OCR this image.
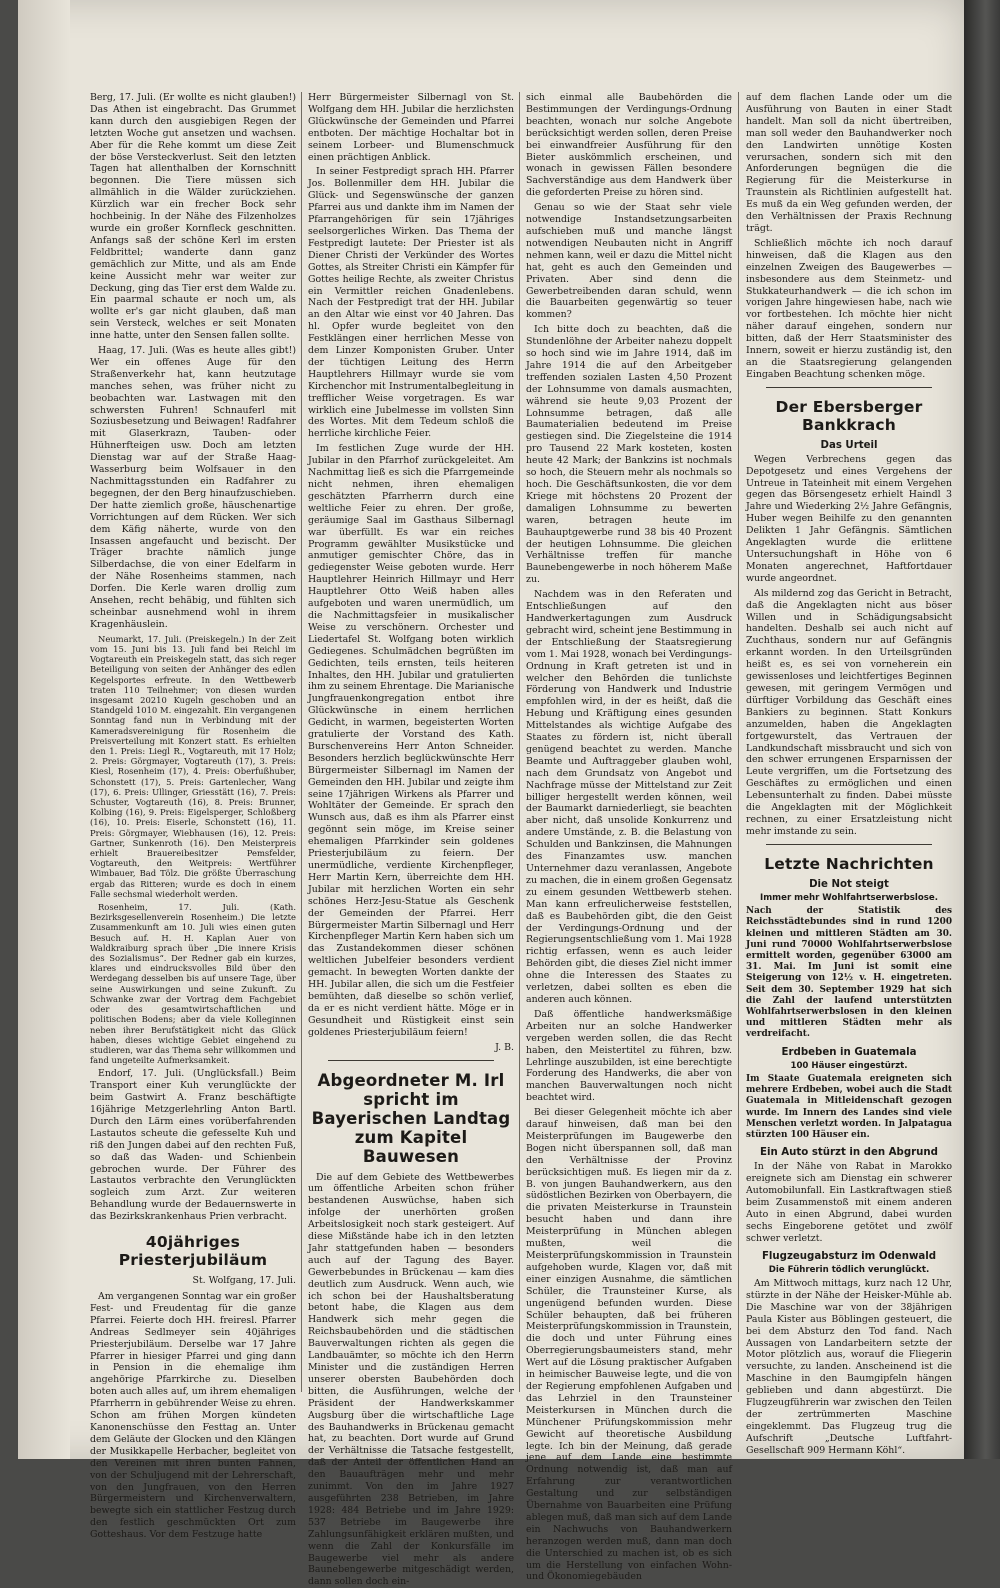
Berg, 17. Juli. (Er wollte es nicht glauben!) Das Athen ist eingebracht. Das Grummet kann durch den ausgiebigen Regen der letzten Woche gut ansetzen und wachsen. Aber für die Rehe kommt um diese Zeit der böse Versteckverlust. Seit den letzten Tagen hat allenthalben der Kornschnitt begonnen. Die Tiere müssen sich allmählich in die Wälder zurückziehen. Kürzlich war ein frecher Bock sehr hochbeinig. In der Nähe des Filzenholzes wurde ein großer Kornfleck geschnitten. Anfangs saß der schöne Kerl im ersten Feldbrittel; wanderte dann ganz gemächlich zur Mitte, und als am Ende keine Aussicht mehr war weiter zur Deckung, ging das Tier erst dem Walde zu. Ein paarmal schaute er noch um, als wollte er's gar nicht glauben, daß man sein Versteck, welches er seit Monaten inne hatte, unter den Sensen fallen sollte.

Haag, 17. Juli. (Was es heute alles gibt!) Wer ein offenes Auge für den Straßenverkehr hat, kann heutzutage manches sehen, was früher nicht zu beobachten war. Lastwagen mit den schwersten Fuhren! Schnauferl mit Soziusbesetzung und Beiwagen! Radfahrer mit Glaserkrazn, Tauben- oder Hühnerfteigen usw. Doch am letzten Dienstag war auf der Straße Haag-Wasserburg beim Wolfsauer in den Nachmittagsstunden ein Radfahrer zu begegnen, der den Berg hinaufzuschieben. Der hatte ziemlich große, häuschenartige Vorrichtungen auf dem Rücken. Wer sich dem Käfig näherte, wurde von den Insassen angefaucht und bezischt. Der Träger brachte nämlich junge Silberdachse, die von einer Edelfarm in der Nähe Rosenheims stammen, nach Dorfen. Die Kerle waren drollig zum Ansehen, recht behäbig, und fühlten sich scheinbar ausnehmend wohl in ihrem Kragenhäuslein.

Neumarkt, 17. Juli. (Preiskegeln.) In der Zeit vom 15. Juni bis 13. Juli fand bei Reichl im Vogtareuth ein Preiskegeln statt, das sich reger Beteiligung von seiten der Anhänger des edlen Kegelsportes erfreute. In den Wettbewerb traten 110 Teilnehmer; von diesen wurden insgesamt 20210 Kugeln geschoben und an Standgeld 1010 M. eingezahlt. Ein vergangenen Sonntag fand nun in Verbindung mit der Kameradsvereinigung für Rosenheim die Preisverteilung mit Konzert statt. Es erhielten den 1. Preis: Liegl R., Vogtareuth, mit 17 Holz; 2. Preis: Görgmayer, Vogtareuth (17), 3. Preis: Kiesl, Rosenheim (17), 4. Preis: Oberfußhuber, Schonstett (17), 5. Preis: Gartenlecher, Wang (17), 6. Preis: Ullinger, Griesstätt (16), 7. Preis: Schuster, Vogtareuth (16), 8. Preis: Brunner, Kolbing (16), 9. Preis: Eigelsperger, Schloßberg (16), 10. Preis: Eiserle, Schonstett (16), 11. Preis: Görgmayer, Wiebhausen (16), 12. Preis: Gartner, Sunkenroth (16). Den Meisterpreis erhielt Brauereibesitzer Pemsfelder, Vogtareuth, den Weitpreis: Wertführer Wimbauer, Bad Tölz. Die größte Überraschung ergab das Ritteren; wurde es doch in einem Falle sechsmal wiederholt werden.

Rosenheim, 17. Juli. (Kath. Bezirksgesellenverein Rosenheim.) Die letzte Zusammenkunft am 10. Juli wies einen guten Besuch auf. H. H. Kaplan Auer von Waldkraiburg sprach über „Die innere Krisis des Sozialismus“. Der Redner gab ein kurzes, klares und eindrucksvolles Bild über den Werdegang desselben bis auf unsere Tage, über seine Auswirkungen und seine Zukunft. Zu Schwanke zwar der Vortrag dem Fachgebiet oder des gesamtwirtschaftlichen und politischen Bodens; aber da viele Kolleginnen neben ihrer Berufstätigkeit nicht das Glück haben, dieses wichtige Gebiet eingehend zu studieren, war das Thema sehr willkommen und fand ungeteilte Aufmerksamkeit.

Endorf, 17. Juli. (Unglücksfall.) Beim Transport einer Kuh verunglückte der beim Gastwirt A. Franz beschäftigte 16jährige Metzgerlehrling Anton Bartl. Durch den Lärm eines vorüberfahrenden Lastautos scheute die gefesselte Kuh und riß den Jungen dabei auf den rechten Fuß, so daß das Waden- und Schienbein gebrochen wurde. Der Führer des Lastautos verbrachte den Verunglückten sogleich zum Arzt. Zur weiteren Behandlung wurde der Bedauernswerte in das Bezirkskrankenhaus Prien verbracht.

40jähriges Priesterjubiläum
St. Wolfgang, 17. Juli.

Am vergangenen Sonntag war ein großer Fest- und Freudentag für die ganze Pfarrei. Feierte doch HH. freiresl. Pfarrer Andreas Sedlmeyer sein 40jähriges Priesterjubiläum. Derselbe war 17 Jahre Pfarrer in hiesiger Pfarrei und ging dann in Pension in die ehemalige ihm angehörige Pfarrkirche zu. Dieselben boten auch alles auf, um ihrem ehemaligen Pfarrherrn in gebührender Weise zu ehren. Schon am frühen Morgen kündeten Kanonenschüsse den Festtag an. Unter dem Geläute der Glocken und den Klängen der Musikkapelle Herbacher, begleitet von den Vereinen mit ihren bunten Fahnen, von der Schuljugend mit der Lehrerschaft, von den Jungfrauen, von den Herren Bürgermeistern und Kirchenverwaltern, bewegte sich ein stattlicher Festzug durch den festlich geschmückten Ort zum Gotteshaus. Vor dem Festzuge hatte

Herr Bürgermeister Silbernagl von St. Wolfgang dem HH. Jubilar die herzlichsten Glückwünsche der Gemeinden und Pfarrei entboten. Der mächtige Hochaltar bot in seinem Lorbeer- und Blumenschmuck einen prächtigen Anblick.

In seiner Festpredigt sprach HH. Pfarrer Jos. Bollenmiller dem HH. Jubilar die Glück- und Segenswünsche der ganzen Pfarrei aus und dankte ihm im Namen der Pfarrangehörigen für sein 17jähriges seelsorgerliches Wirken. Das Thema der Festpredigt lautete: Der Priester ist als Diener Christi der Verkünder des Wortes Gottes, als Streiter Christi ein Kämpfer für Gottes heilige Rechte, als zweiter Christus ein Vermittler reichen Gnadenlebens. Nach der Festpredigt trat der HH. Jubilar an den Altar wie einst vor 40 Jahren. Das hl. Opfer wurde begleitet von den Festklängen einer herrlichen Messe von dem Linzer Komponisten Gruber. Unter der tüchtigen Leitung des Herrn Hauptlehrers Hillmayr wurde sie vom Kirchenchor mit Instrumentalbegleitung in trefflicher Weise vorgetragen. Es war wirklich eine Jubelmesse im vollsten Sinn des Wortes. Mit dem Tedeum schloß die herrliche kirchliche Feier.

Im festlichen Zuge wurde der HH. Jubilar in den Pfarrhof zurückgeleitet. Am Nachmittag ließ es sich die Pfarrgemeinde nicht nehmen, ihren ehemaligen geschätzten Pfarrherrn durch eine weltliche Feier zu ehren. Der große, geräumige Saal im Gasthaus Silbernagl war überfüllt. Es war ein reiches Programm gewählter Musikstücke und anmutiger gemischter Chöre, das in gediegenster Weise geboten wurde. Herr Hauptlehrer Heinrich Hillmayr und Herr Hauptlehrer Otto Weiß haben alles aufgeboten und waren unermüdlich, um die Nachmittagsfeier in musikalischer Weise zu verschönern. Orchester und Liedertafel St. Wolfgang boten wirklich Gediegenes. Schulmädchen begrüßten im Gedichten, teils ernsten, teils heiteren Inhaltes, den HH. Jubilar und gratulierten ihm zu seinem Ehrentage. Die Marianische Jungfrauenkongregation entbot ihre Glückwünsche in einem herrlichen Gedicht, in warmen, begeisterten Worten gratulierte der Vorstand des Kath. Burschenvereins Herr Anton Schneider. Besonders herzlich beglückwünschte Herr Bürgermeister Silbernagl im Namen der Gemeinden den HH. Jubilar und zeigte ihm seine 17jährigen Wirkens als Pfarrer und Wohltäter der Gemeinde. Er sprach den Wunsch aus, daß es ihm als Pfarrer einst gegönnt sein möge, im Kreise seiner ehemaligen Pfarrkinder sein goldenes Priesterjubiläum zu feiern. Der unermüdliche, verdiente Kirchenpfleger, Herr Martin Kern, überreichte dem HH. Jubilar mit herzlichen Worten ein sehr schönes Herz-Jesu-Statue als Geschenk der Gemeinden der Pfarrei. Herr Bürgermeister Martin Silbernagl und Herr Kirchenpfleger Martin Kern haben sich um das Zustandekommen dieser schönen weltlichen Jubelfeier besonders verdient gemacht. In bewegten Worten dankte der HH. Jubilar allen, die sich um die Festfeier bemühten, daß dieselbe so schön verlief, da er es nicht verdient hätte. Möge er in Gesundheit und Rüstigkeit einst sein goldenes Priesterjubiläum feiern!

J. B.
Abgeordneter M. Irl spricht im Bayerischen Landtag zum Kapitel Bauwesen

Die auf dem Gebiete des Wettbewerbes um öffentliche Arbeiten schon früher bestandenen Auswüchse, haben sich infolge der unerhörten großen Arbeitslosigkeit noch stark gesteigert. Auf diese Mißstände habe ich in den letzten Jahr stattgefunden haben — besonders auch auf der Tagung des Bayer. Gewerbebundes in Brückenau — kam dies deutlich zum Ausdruck. Wenn auch, wie ich schon bei der Haushaltsberatung betont habe, die Klagen aus dem Handwerk sich mehr gegen die Reichsbaubehörden und die städtischen Bauverwaltungen richten als gegen die Landbauämter, so möchte ich den Herrn Minister und die zuständigen Herren unserer obersten Baubehörden doch bitten, die Ausführungen, welche der Präsident der Handwerkskammer Augsburg über die wirtschaftliche Lage des Bauhandwerks in Brückenau gemacht hat, zu beachten. Dort wurde auf Grund der Verhältnisse die Tatsache festgestellt, daß der Anteil der öffentlichen Hand an den Bauaufträgen mehr und mehr zunimmt. Von den im Jahre 1927 ausgeführten 238 Betrieben, im Jahre 1928: 484 Betriebe und im Jahre 1929: 537 Betriebe im Baugewerbe ihre Zahlungsunfähigkeit erklären mußten, und wenn die Zahl der Konkursfälle im Baugewerbe viel mehr als andere Baunebengewerbe mitgeschädigt werden, dann sollen doch ein-

sich einmal alle Baubehörden die Bestimmungen der Verdingungs-Ordnung beachten, wonach nur solche Angebote berücksichtigt werden sollen, deren Preise bei einwandfreier Ausführung für den Bieter auskömmlich erscheinen, und wonach in gewissen Fällen besondere Sachverständige aus dem Handwerk über die geforderten Preise zu hören sind.

Genau so wie der Staat sehr viele notwendige Instandsetzungsarbeiten aufschieben muß und manche längst notwendigen Neubauten nicht in Angriff nehmen kann, weil er dazu die Mittel nicht hat, geht es auch den Gemeinden und Privaten. Aber sind denn die Gewerbetreibenden daran schuld, wenn die Bauarbeiten gegenwärtig so teuer kommen?

Ich bitte doch zu beachten, daß die Stundenlöhne der Arbeiter nahezu doppelt so hoch sind wie im Jahre 1914, daß im Jahre 1914 die auf den Arbeitgeber treffenden sozialen Lasten 4,50 Prozent der Lohnsumme von damals ausmachten, während sie heute 9,03 Prozent der Lohnsumme betragen, daß alle Baumaterialien bedeutend im Preise gestiegen sind. Die Ziegelsteine die 1914 pro Tausend 22 Mark kosteten, kosten heute 42 Mark; der Bankzins ist nochmals so hoch, die Steuern mehr als nochmals so hoch. Die Geschäftsunkosten, die vor dem Kriege mit höchstens 20 Prozent der damaligen Lohnsumme zu bewerten waren, betragen heute im Bauhauptgewerbe rund 38 bis 40 Prozent der heutigen Lohnsumme. Die gleichen Verhältnisse treffen für manche Baunebengewerbe in noch höherem Maße zu.

Nachdem was in den Referaten und Entschließungen auf den Handwerkertagungen zum Ausdruck gebracht wird, scheint jene Bestimmung in der Entschließung der Staatsregierung vom 1. Mai 1928, wonach bei Verdingungs-Ordnung in Kraft getreten ist und in welcher den Behörden die tunlichste Förderung von Handwerk und Industrie empfohlen wird, in der es heißt, daß die Hebung und Kräftigung eines gesunden Mittelstandes als wichtige Aufgabe des Staates zu fördern ist, nicht überall genügend beachtet zu werden. Manche Beamte und Auftraggeber glauben wohl, nach dem Grundsatz von Angebot und Nachfrage müsse der Mittelstand zur Zeit billiger hergestellt werden können, weil der Baumarkt darniederliegt, sie beachten aber nicht, daß unsolide Konkurrenz und andere Umstände, z. B. die Belastung von Schulden und Bankzinsen, die Mahnungen des Finanzamtes usw. manchen Unternehmer dazu veranlassen, Angebote zu machen, die in einem großen Gegensatz zu einem gesunden Wettbewerb stehen. Man kann erfreulicherweise feststellen, daß es Baubehörden gibt, die den Geist der Verdingungs-Ordnung und der Regierungsentschließung vom 1. Mai 1928 richtig erfassen, wenn es auch leider Behörden gibt, die dieses Ziel nicht immer ohne die Interessen des Staates zu verletzen, dabei sollten es eben die anderen auch können.

Daß öffentliche handwerksmäßige Arbeiten nur an solche Handwerker vergeben werden sollen, die das Recht haben, den Meistertitel zu führen, bzw. Lehrlinge auszubilden, ist eine berechtigte Forderung des Handwerks, die aber von manchen Bauverwaltungen noch nicht beachtet wird.

Bei dieser Gelegenheit möchte ich aber darauf hinweisen, daß man bei den Meisterprüfungen im Baugewerbe den Bogen nicht überspannen soll, daß man den Verhältnisse der Provinz berücksichtigen muß. Es liegen mir da z. B. von jungen Bauhandwerkern, aus den südöstlichen Bezirken von Oberbayern, die die privaten Meisterkurse in Traunstein besucht haben und dann ihre Meisterprüfung in München ablegen mußten, weil die Meisterprüfungskommission in Traunstein aufgehoben wurde, Klagen vor, daß mit einer einzigen Ausnahme, die sämtlichen Schüler, die Traunsteiner Kurse, als ungenügend befunden wurden. Diese Schüler behaupten, daß bei früheren Meisterprüfungskommission in Traunstein, die doch und unter Führung eines Oberregierungsbaumeisters stand, mehr Wert auf die Lösung praktischer Aufgaben in heimischer Bauweise legte, und die von der Regierung empfohlenen Aufgaben und das Lehrziel in den Traunsteiner Meisterkursen in München durch die Münchener Prüfungskommission mehr Gewicht auf theoretische Ausbildung legte. Ich bin der Meinung, daß gerade jene auf dem Lande eine bestimmte Ordnung notwendig ist, daß man auf Erfahrung zur verantwortlichen Gestaltung und zur selbständigen Übernahme von Bauarbeiten eine Prüfung ablegen muß, daß man sich auf dem Lande ein Nachwuchs von Bauhandwerkern heranzogen werden muß, dann man doch die Unterschied zu machen ist, ob es sich um die Herstellung von einfachen Wohn- und Ökonomiegebäuden

auf dem flachen Lande oder um die Ausführung von Bauten in einer Stadt handelt. Man soll da nicht übertreiben, man soll weder den Bauhandwerker noch den Landwirten unnötige Kosten verursachen, sondern sich mit den Anforderungen begnügen die die Regierung für die Meisterkurse in Traunstein als Richtlinien aufgestellt hat. Es muß da ein Weg gefunden werden, der den Verhältnissen der Praxis Rechnung trägt.

Schließlich möchte ich noch darauf hinweisen, daß die Klagen aus den einzelnen Zweigen des Baugewerbes — insbesondere aus dem Steinmetz- und Stukkateurhandwerk — die ich schon im vorigen Jahre hingewiesen habe, nach wie vor fortbestehen. Ich möchte hier nicht näher darauf eingehen, sondern nur bitten, daß der Herr Staatsminister des Innern, soweit er hierzu zuständig ist, den an die Staatsregierung gelangenden Eingaben Beachtung schenken möge.

Der Ebersberger Bankkrach
Das Urteil

Wegen Verbrechens gegen das Depotgesetz und eines Vergehens der Untreue in Tateinheit mit einem Vergehen gegen das Börsengesetz erhielt Haindl 3 Jahre und Wiederking 2½ Jahre Gefängnis, Huber wegen Beihilfe zu den genannten Delikten 1 Jahr Gefängnis. Sämtlichen Angeklagten wurde die erlittene Untersuchungshaft in Höhe von 6 Monaten angerechnet, Haftfortdauer wurde angeordnet.

Als mildernd zog das Gericht in Betracht, daß die Angeklagten nicht aus böser Willen und in Schädigungsabsicht handelten. Deshalb sei auch nicht auf Zuchthaus, sondern nur auf Gefängnis erkannt worden. In den Urteilsgründen heißt es, es sei von vorneherein ein gewissenloses und leichtfertiges Beginnen gewesen, mit geringem Vermögen und dürftiger Vorbildung das Geschäft eines Bankiers zu beginnen. Statt Konkurs anzumelden, haben die Angeklagten fortgewurstelt, das Vertrauen der Landkundschaft missbraucht und sich von den schwer errungenen Ersparnissen der Leute vergriffen, um die Fortsetzung des Geschäftes zu ermöglichen und einen Lebensunterhalt zu finden. Dabei müsste die Angeklagten mit der Möglichkeit rechnen, zu einer Ersatzleistung nicht mehr imstande zu sein.

Letzte Nachrichten
Die Not steigt
Immer mehr Wohlfahrtserwerbslose.
Nach der Statistik des Reichsstädtebundes sind in rund 1200 kleinen und mittleren Städten am 30. Juni rund 70000 Wohlfahrtserwerbslose ermittelt worden, gegenüber 63000 am 31. Mai. Im Juni ist somit eine Steigerung von 12½ v. H. eingetreten. Seit dem 30. September 1929 hat sich die Zahl der laufend unterstützten Wohlfahrtserwerbslosen in den kleinen und mittleren Städten mehr als verdreifacht.
Erdbeben in Guatemala
100 Häuser eingestürzt.
Im Staate Guatemala ereigneten sich mehrere Erdbeben, wobei auch die Stadt Guatemala in Mitleidenschaft gezogen wurde. Im Innern des Landes sind viele Menschen verletzt worden. In Jalpatagua stürzten 100 Häuser ein.
Ein Auto stürzt in den Abgrund

In der Nähe von Rabat in Marokko ereignete sich am Dienstag ein schwerer Automobilunfall. Ein Lastkraftwagen stieß beim Zusammenstoß mit einem anderen Auto in einen Abgrund, dabei wurden sechs Eingeborene getötet und zwölf schwer verletzt.

Flugzeugabsturz im Odenwald
Die Führerin tödlich verunglückt.

Am Mittwoch mittags, kurz nach 12 Uhr, stürzte in der Nähe der Heisker-Mühle ab. Die Maschine war von der 38jährigen Paula Kister aus Böblingen gesteuert, die bei dem Absturz den Tod fand. Nach Aussagen von Landarbeitern setzte der Motor plötzlich aus, worauf die Fliegerin versuchte, zu landen. Anscheinend ist die Maschine in den Baumgipfeln hängen geblieben und dann abgestürzt. Die Flugzeugführerin war zwischen den Teilen der zertrümmerten Maschine eingeklemmt. Das Flugzeug trug die Aufschrift „Deutsche Luftfahrt-Gesellschaft 909 Hermann Köhl“.
